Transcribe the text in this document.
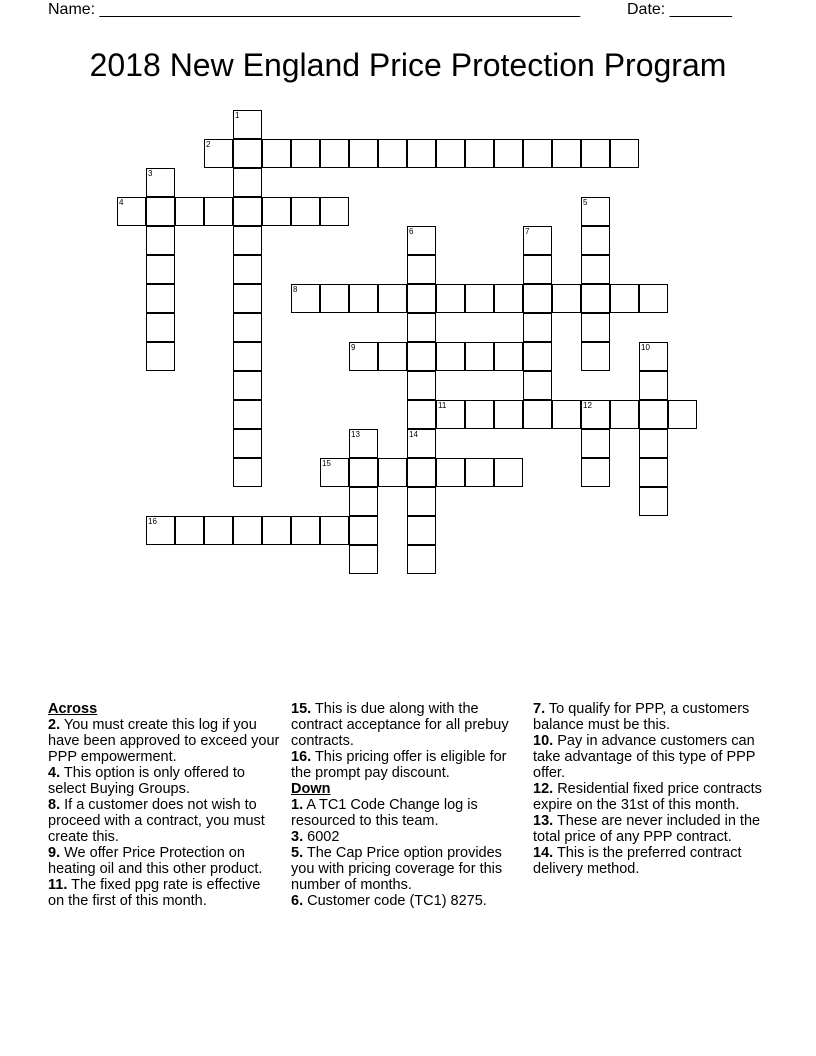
Name: ______________________________________________________	Date: _______
2018 New England Price Protection Program
1
2
3
4	5
6	7
8
9	10
11	12
13	14
15
16
Across

2. You must create this log if you have been approved to exceed your PPP empowerment.

4. This option is only offered to select Buying Groups.

8. If a customer does not wish to proceed with a contract, you must create this.

9. We offer Price Protection on heating oil and this other product.

11. The fixed ppg rate is effective on the first of this month.

15. This is due along with the contract acceptance for all prebuy contracts.

16. This pricing offer is eligible for the prompt pay discount.

Down

1. A TC1 Code Change log is resourced to this team.

3. 6002

5. The Cap Price option provides you with pricing coverage for this number of months.

6. Customer code (TC1) 8275.

7. To qualify for PPP, a customers balance must be this.

10. Pay in advance customers can take advantage of this type of PPP offer.

12. Residential fixed price contracts expire on the 31st of this month.

13. These are never included in the total price of any PPP contract.

14. This is the preferred contract delivery method.
